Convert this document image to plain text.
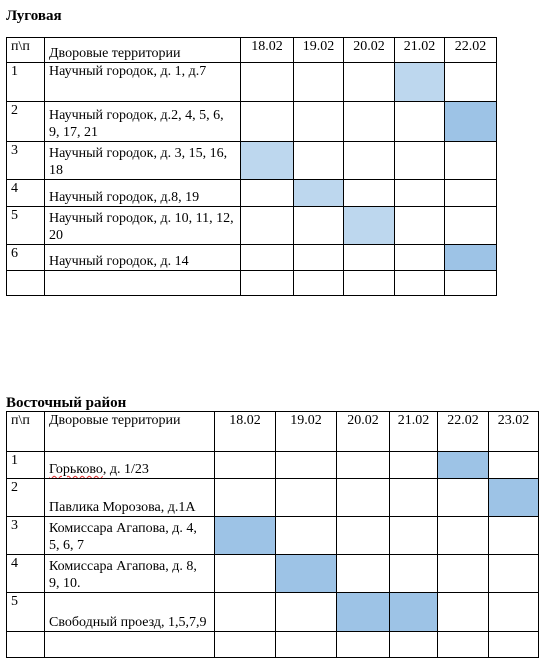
Луговая
п\п	Дворовые территории	18.02	19.02	20.02	21.02	22.02
1	Научный городок, д. 1, д.7					
2	Научный городок, д.2, 4, 5, 6, 9, 17, 21					
3	Научный городок, д. 3, 15, 16, 18					
4	Научный городок, д.8, 19					
5	Научный городок, д. 10, 11, 12, 20					
6	Научный городок, д. 14					

Восточный район
п\п	Дворовые территории	18.02	19.02	20.02	21.02	22.02	23.02
1	Горьково, д. 1/23						
2	Павлика Морозова, д.1А						
3	Комиссара Агапова, д. 4, 5, 6, 7						
4	Комиссара Агапова, д. 8, 9, 10.						
5	Свободный проезд, 1,5,7,9						
